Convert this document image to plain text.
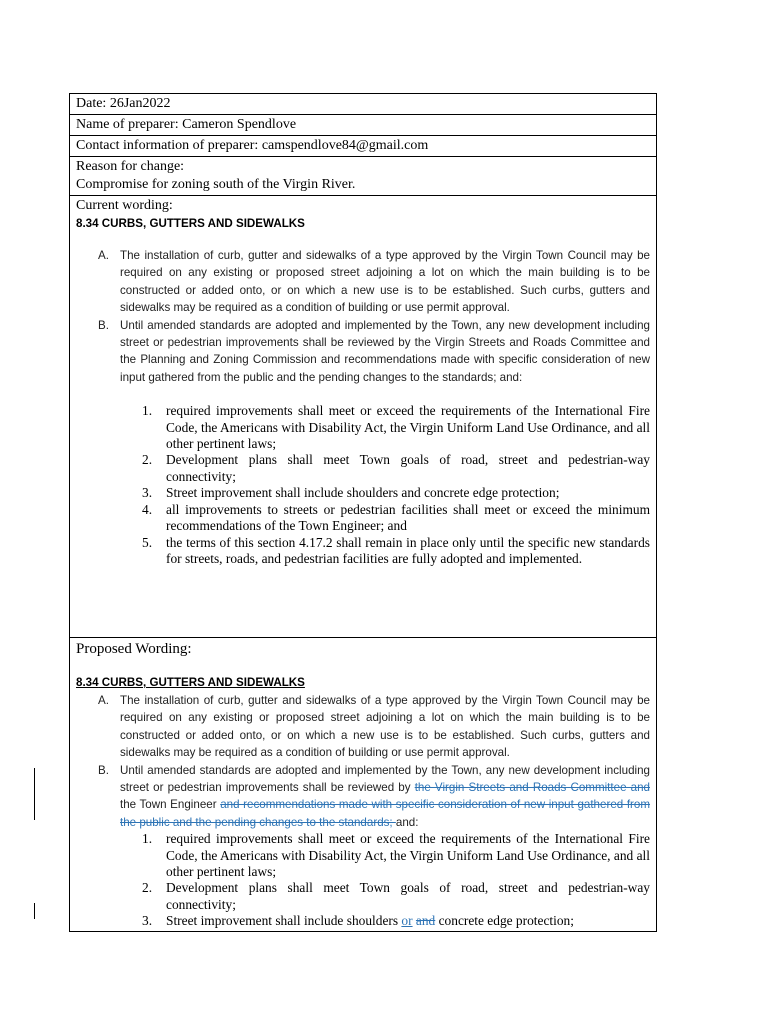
Date: 26Jan2022
Name of preparer: Cameron Spendlove
Contact information of preparer: camspendlove84@gmail.com
Reason for change:
Compromise for zoning south of the Virgin River.
Current wording:

8.34 CURBS, GUTTERS AND SIDEWALKS

A. The installation of curb, gutter and sidewalks of a type approved by the Virgin Town Council may be required on any existing or proposed street adjoining a lot on which the main building is to be constructed or added onto, or on which a new use is to be established. Such curbs, gutters and sidewalks may be required as a condition of building or use permit approval.
B. Until amended standards are adopted and implemented by the Town, any new development including street or pedestrian improvements shall be reviewed by the Virgin Streets and Roads Committee and the Planning and Zoning Commission and recommendations made with specific consideration of new input gathered from the public and the pending changes to the standards; and:
1. required improvements shall meet or exceed the requirements of the International Fire Code, the Americans with Disability Act, the Virgin Uniform Land Use Ordinance, and all other pertinent laws;
2. Development plans shall meet Town goals of road, street and pedestrian-way connectivity;
3. Street improvement shall include shoulders and concrete edge protection;
4. all improvements to streets or pedestrian facilities shall meet or exceed the minimum recommendations of the Town Engineer; and
5. the terms of this section 4.17.2 shall remain in place only until the specific new standards for streets, roads, and pedestrian facilities are fully adopted and implemented.
Proposed Wording:

8.34 CURBS, GUTTERS AND SIDEWALKS

A. The installation of curb, gutter and sidewalks of a type approved by the Virgin Town Council may be required on any existing or proposed street adjoining a lot on which the main building is to be constructed or added onto, or on which a new use is to be established. Such curbs, gutters and sidewalks may be required as a condition of building or use permit approval.
B. Until amended standards are adopted and implemented by the Town, any new development including street or pedestrian improvements shall be reviewed by the Virgin Streets and Roads Committee and the Town Engineer and recommendations made with specific consideration of new input gathered from the public and the pending changes to the standards; and:
1. required improvements shall meet or exceed the requirements of the International Fire Code, the Americans with Disability Act, the Virgin Uniform Land Use Ordinance, and all other pertinent laws;
2. Development plans shall meet Town goals of road, street and pedestrian-way connectivity;
3. Street improvement shall include shoulders or and concrete edge protection;
